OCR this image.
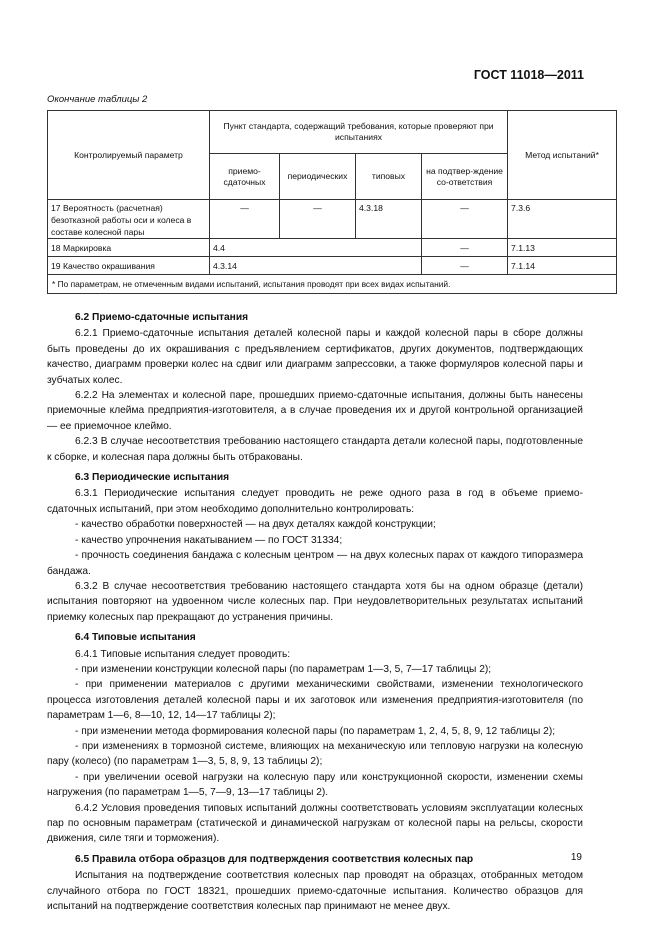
ГОСТ 11018—2011
Окончание таблицы 2
Контролируемый параметр	Пункт стандарта, содержащий требования, которые проверяют при испытаниях				Метод испытаний*
	приемо-сдаточных	периодических	типовых	на подтвер-ждение со-ответствия	
17 Вероятность (расчетная) безотказной работы оси и колеса в составе колесной пары	—	—	4.3.18	—	7.3.6
18 Маркировка	4.4			—	7.1.13
19 Качество окрашивания	4.3.14			—	7.1.14
* По параметрам, не отмеченным видами испытаний, испытания проводят при всех видах испытаний.					

6.2 Приемо-сдаточные испытания

6.2.1 Приемо-сдаточные испытания деталей колесной пары и каждой колесной пары в сборе должны быть проведены до их окрашивания с предъявлением сертификатов, других документов, подтверждающих качество, диаграмм проверки колес на сдвиг или диаграмм запрессовки, а также формуляров колесной пары и зубчатых колес.

6.2.2 На элементах и колесной паре, прошедших приемо-сдаточные испытания, должны быть нанесены приемочные клейма предприятия-изготовителя, а в случае проведения их и другой контрольной организацией — ее приемочное клеймо.

6.2.3 В случае несоответствия требованию настоящего стандарта детали колесной пары, подготовленные к сборке, и колесная пара должны быть отбракованы.

6.3 Периодические испытания

6.3.1 Периодические испытания следует проводить не реже одного раза в год в объеме приемо-сдаточных испытаний, при этом необходимо дополнительно контролировать:

- качество обработки поверхностей — на двух деталях каждой конструкции;

- качество упрочнения накатыванием — по ГОСТ 31334;

- прочность соединения бандажа с колесным центром — на двух колесных парах от каждого типоразмера бандажа.

6.3.2 В случае несоответствия требованию настоящего стандарта хотя бы на одном образце (детали) испытания повторяют на удвоенном числе колесных пар. При неудовлетворительных результатах испытаний приемку колесных пар прекращают до устранения причины.

6.4 Типовые испытания

6.4.1 Типовые испытания следует проводить:

- при изменении конструкции колесной пары (по параметрам 1—3, 5, 7—17 таблицы 2);

- при применении материалов с другими механическими свойствами, изменении технологического процесса изготовления деталей колесной пары и их заготовок или изменения предприятия-изготовителя (по параметрам 1—6, 8—10, 12, 14—17 таблицы 2);

- при изменении метода формирования колесной пары (по параметрам 1, 2, 4, 5, 8, 9, 12 таблицы 2);

- при изменениях в тормозной системе, влияющих на механическую или тепловую нагрузки на колесную пару (колесо) (по параметрам 1—3, 5, 8, 9, 13 таблицы 2);

- при увеличении осевой нагрузки на колесную пару или конструкционной скорости, изменении схемы нагружения (по параметрам 1—5, 7—9, 13—17 таблицы 2).

6.4.2 Условия проведения типовых испытаний должны соответствовать условиям эксплуатации колесных пар по основным параметрам (статической и динамической нагрузкам от колесной пары на рельсы, скорости движения, силе тяги и торможения).

6.5 Правила отбора образцов для подтверждения соответствия колесных пар

Испытания на подтверждение соответствия колесных пар проводят на образцах, отобранных методом случайного отбора по ГОСТ 18321, прошедших приемо-сдаточные испытания. Количество образцов для испытаний на подтверждение соответствия колесных пар принимают не менее двух.

19
